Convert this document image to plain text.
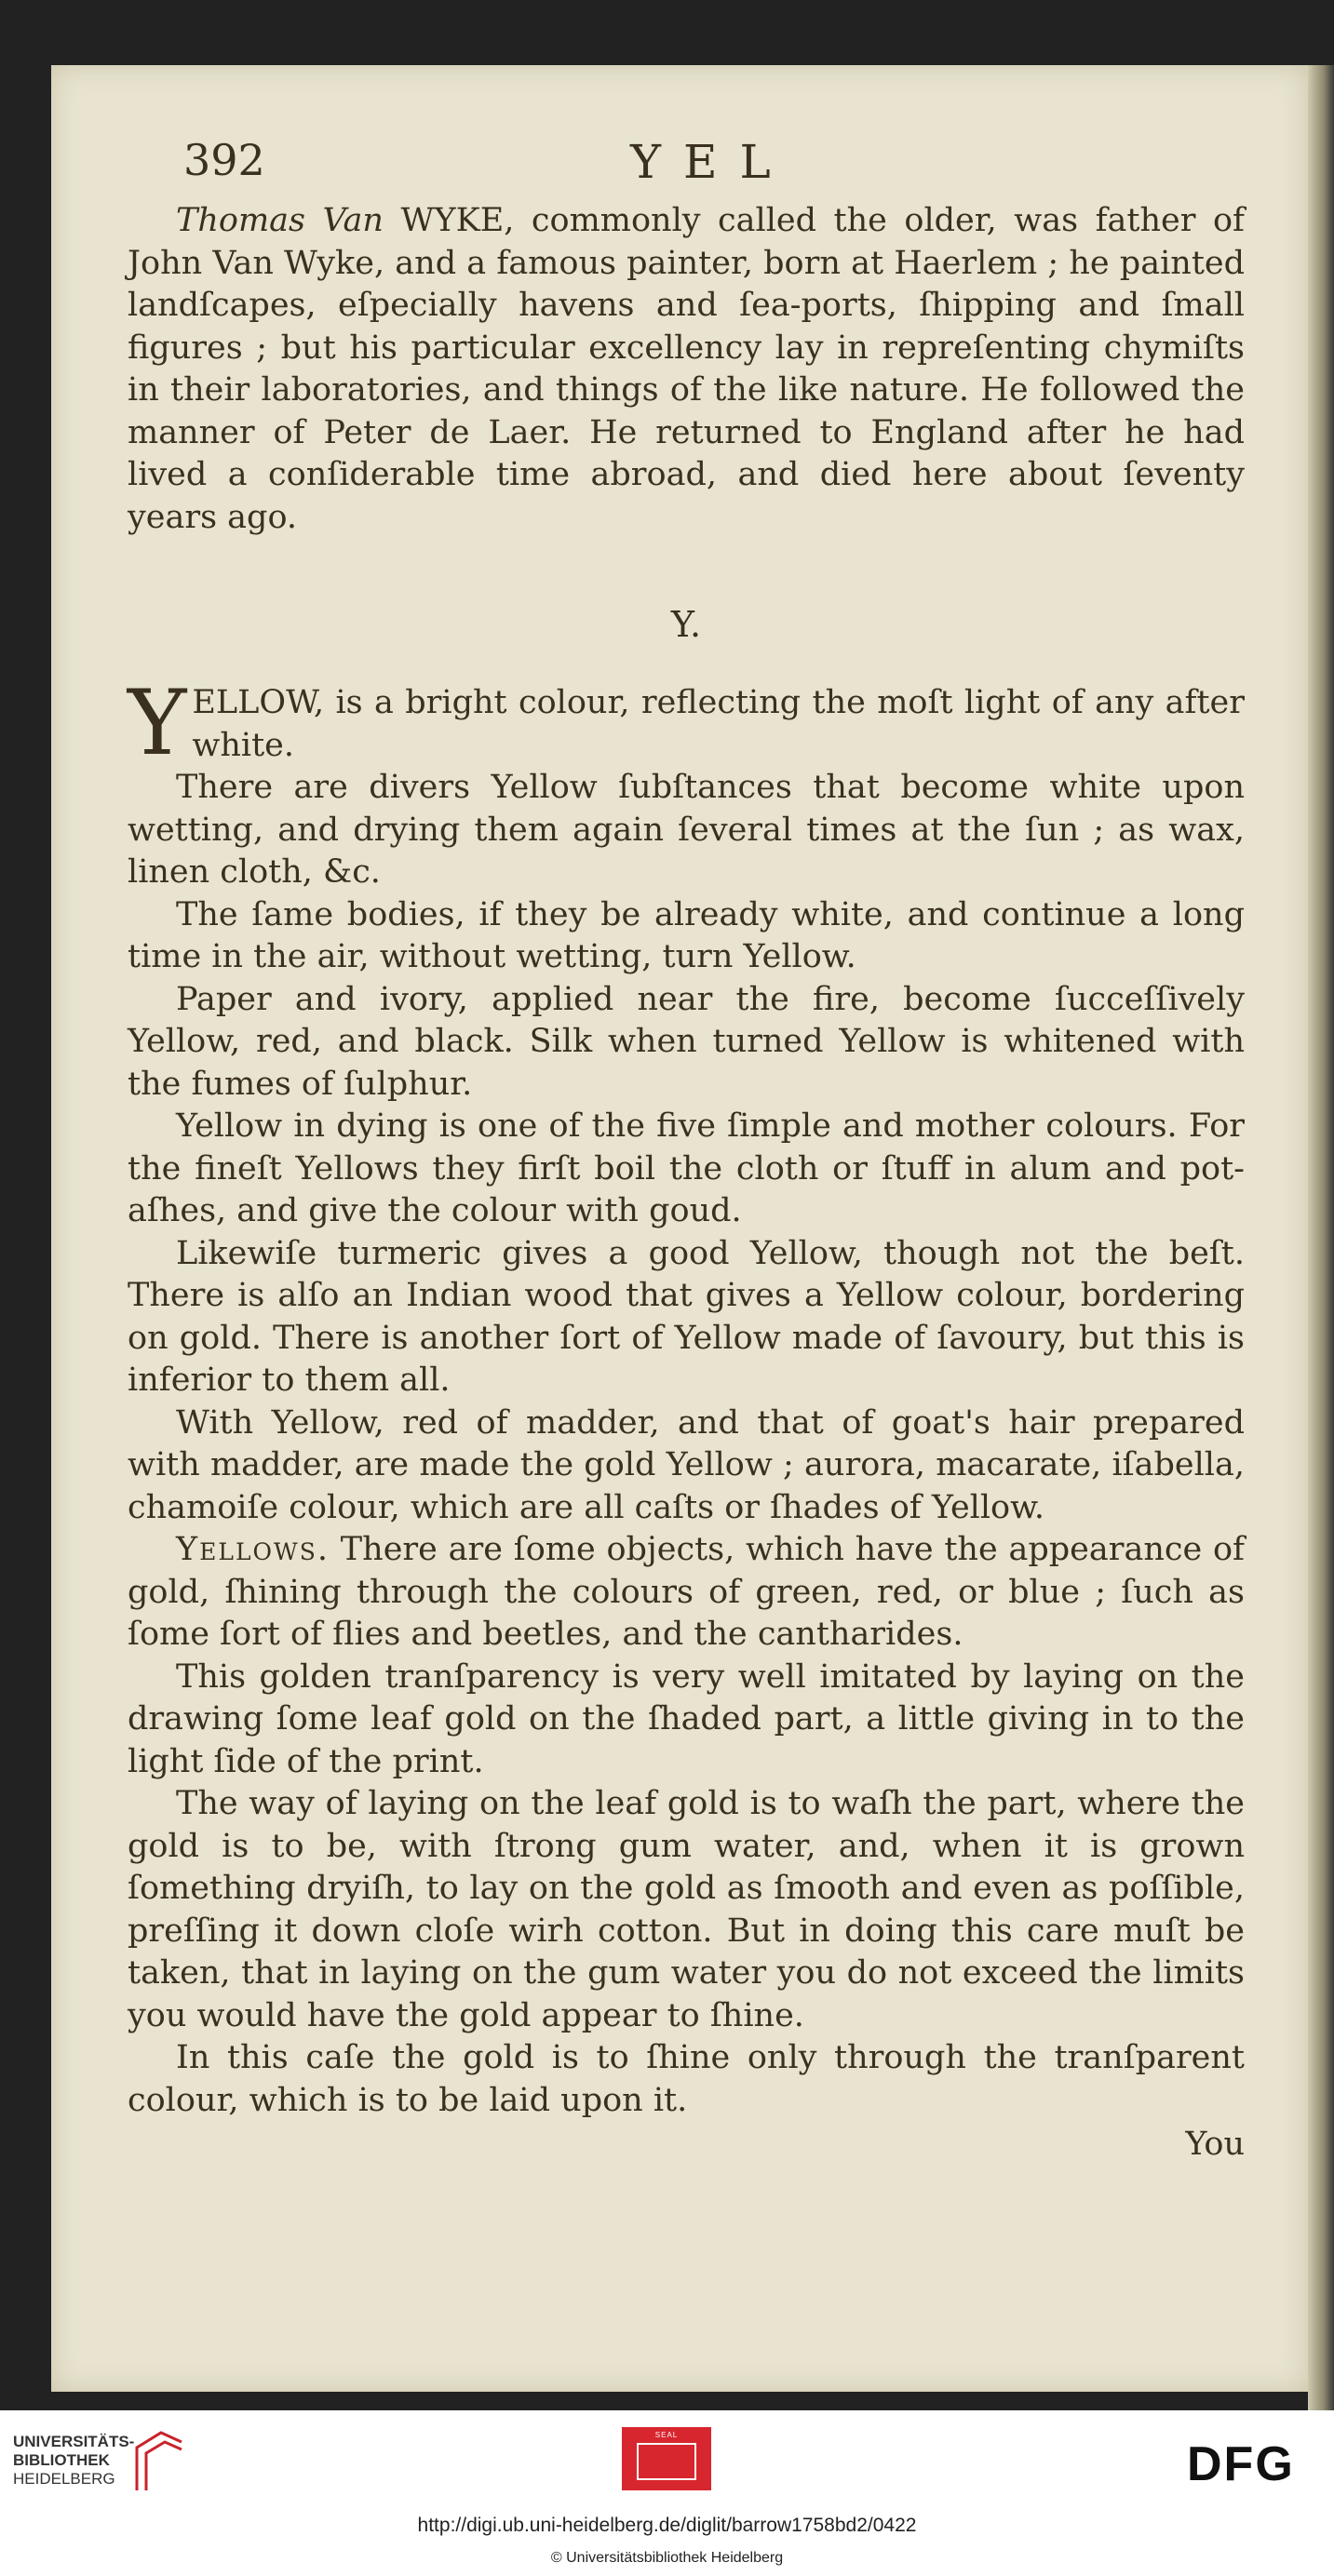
392	YEL

Thomas Van WYKE, commonly called the older, was father of John Van Wyke, and a famous painter, born at Haerlem ; he painted landſcapes, eſpecially havens and ſea-ports, ſhipping and ſmall figures ; but his particular excellency lay in repreſenting chymiſts in their laboratories, and things of the like nature. He followed the manner of Peter de Laer. He returned to England after he had lived a conſiderable time abroad, and died here about ſeventy years ago.

Y.

YELLOW, is a bright colour, reflecting the moſt light of any after white.

There are divers Yellow ſubſtances that become white upon wetting, and drying them again ſeveral times at the ſun ; as wax, linen cloth, &c.

The ſame bodies, if they be already white, and continue a long time in the air, without wetting, turn Yellow.

Paper and ivory, applied near the fire, become ſucceſſively Yellow, red, and black. Silk when turned Yellow is whitened with the fumes of ſulphur.

Yellow in dying is one of the five ſimple and mother colours. For the fineſt Yellows they firſt boil the cloth or ſtuff in alum and pot-aſhes, and give the colour with goud.

Likewiſe turmeric gives a good Yellow, though not the beſt. There is alſo an Indian wood that gives a Yellow colour, bordering on gold. There is another ſort of Yellow made of ſavoury, but this is inferior to them all.

With Yellow, red of madder, and that of goat's hair prepared with madder, are made the gold Yellow ; aurora, macarate, iſabella, chamoiſe colour, which are all caſts or ſhades of Yellow.

Yellows. There are ſome objects, which have the appearance of gold, ſhining through the colours of green, red, or blue ; ſuch as ſome ſort of flies and beetles, and the cantharides.

This golden tranſparency is very well imitated by laying on the drawing ſome leaf gold on the ſhaded part, a little giving in to the light ſide of the print.

The way of laying on the leaf gold is to waſh the part, where the gold is to be, with ſtrong gum water, and, when it is grown ſomething dryiſh, to lay on the gold as ſmooth and even as poſſible, preſſing it down cloſe wirh cotton. But in doing this care muſt be taken, that in laying on the gum water you do not exceed the limits you would have the gold appear to ſhine.

In this caſe the gold is to ſhine only through the tranſparent colour, which is to be laid upon it.

You
UNIVERSITÄTS-
BIBLIOTHEK
HEIDELBERG
SEAL
DFG
http://digi.ub.uni-heidelberg.de/diglit/barrow1758bd2/0422
© Universitätsbibliothek Heidelberg
